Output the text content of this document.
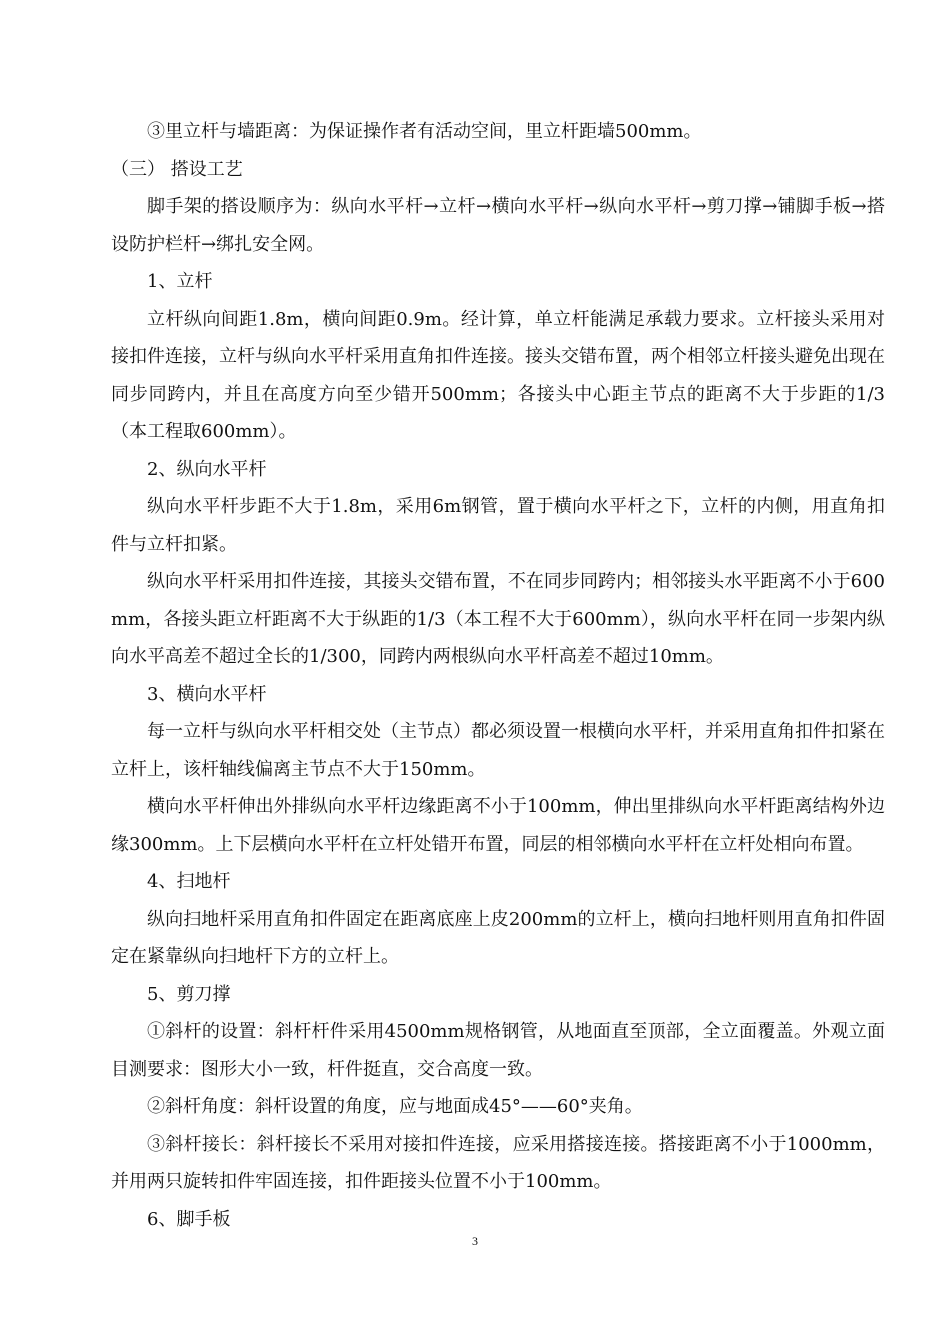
③里立杆与墙距离：为保证操作者有活动空间，里立杆距墙500mm。

（三） 搭设工艺

脚手架的搭设顺序为：纵向水平杆→立杆→横向水平杆→纵向水平杆→剪刀撑→铺脚手板→搭设防护栏杆→绑扎安全网。

1、立杆

立杆纵向间距1.8m，横向间距0.9m。经计算，单立杆能满足承载力要求。立杆接头采用对接扣件连接，立杆与纵向水平杆采用直角扣件连接。接头交错布置，两个相邻立杆接头避免出现在同步同跨内，并且在高度方向至少错开500mm；各接头中心距主节点的距离不大于步距的1/3（本工程取600mm）。

2、纵向水平杆

纵向水平杆步距不大于1.8m，采用6m钢管，置于横向水平杆之下，立杆的内侧，用直角扣件与立杆扣紧。

纵向水平杆采用扣件连接，其接头交错布置，不在同步同跨内；相邻接头水平距离不小于600mm，各接头距立杆距离不大于纵距的1/3（本工程不大于600mm），纵向水平杆在同一步架内纵向水平高差不超过全长的1/300，同跨内两根纵向水平杆高差不超过10mm。

3、横向水平杆

每一立杆与纵向水平杆相交处（主节点）都必须设置一根横向水平杆，并采用直角扣件扣紧在立杆上，该杆轴线偏离主节点不大于150mm。

横向水平杆伸出外排纵向水平杆边缘距离不小于100mm，伸出里排纵向水平杆距离结构外边缘300mm。上下层横向水平杆在立杆处错开布置，同层的相邻横向水平杆在立杆处相向布置。

4、扫地杆

纵向扫地杆采用直角扣件固定在距离底座上皮200mm的立杆上，横向扫地杆则用直角扣件固定在紧靠纵向扫地杆下方的立杆上。

5、剪刀撑

①斜杆的设置：斜杆杆件采用4500mm规格钢管，从地面直至顶部，全立面覆盖。外观立面目测要求：图形大小一致，杆件挺直，交合高度一致。

②斜杆角度：斜杆设置的角度，应与地面成45°——60°夹角。

③斜杆接长：斜杆接长不采用对接扣件连接，应采用搭接连接。搭接距离不小于1000mm，并用两只旋转扣件牢固连接，扣件距接头位置不小于100mm。

6、脚手板

3
